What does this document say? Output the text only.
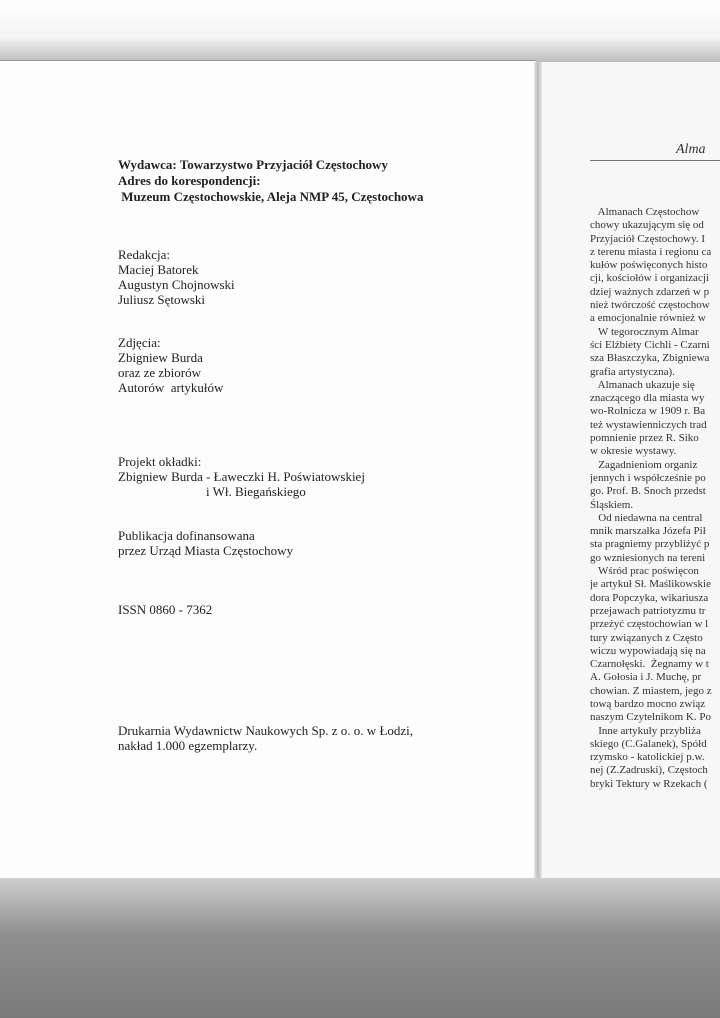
Alma
Almanach Częstochow
chowy ukazującym się od
Przyjaciół Częstochowy. I
z terenu miasta i regionu ca
kułów poświęconych histo
cji, kościołów i organizacji
dziej ważnych zdarzeń w p
nież twórczość częstochow
a emocjonalnie również w
W tegorocznym Almar
ści Elżbiety Cichli - Czarni
sza Błaszczyka, Zbigniewa
grafia artystyczna).
Almanach ukazuje się
znaczącego dla miasta wy
wo-Rolnicza w 1909 r. Ba
też wystawienniczych trad
pomnienie przez R. Siko
w okresie wystawy.
Zagadnieniom organiz
jennych i współcześnie po
go. Prof. B. Snoch przedst
Śląskiem.
Od niedawna na central
mnik marszałka Józefa Pił
sta pragniemy przybliżyć p
go wzniesionych na tereni
Wśród prac poświęcon
je artykuł Sł. Maślikowskie
dora Popczyka, wikariusza
przejawach patriotyzmu tr
przeżyć częstochowian w l
tury związanych z Często
wiczu wypowiadają się na
Czarnołęski.  Żegnamy w t
A. Gołosia i J. Muchę, pr
chowian. Z miastem, jego z
tową bardzo mocno związ
naszym Czytelnikom K. Po
Inne artykuły przybliża
skiego (C.Galanek), Spółd
rzymsko - katolickiej p.w.
nej (Z.Zadruski), Częstoch
bryki Tektury w Rzekach (
Wydawca: Towarzystwo Przyjaciół Częstochowy
Adres do korespondencji:
Muzeum Częstochowskie, Aleja NMP 45, Częstochowa
Redakcja:
Maciej Batorek
Augustyn Chojnowski
Juliusz Sętowski
Zdjęcia:
Zbigniew Burda
oraz ze zbiorów
Autorów  artykułów
Projekt okładki:
Zbigniew Burda - Ławeczki H. Poświatowskiej
i Wł. Biegańskiego
Publikacja dofinansowana
przez Urząd Miasta Częstochowy
ISSN 0860 - 7362
Drukarnia Wydawnictw Naukowych Sp. z o. o. w Łodzi,
nakład 1.000 egzemplarzy.
